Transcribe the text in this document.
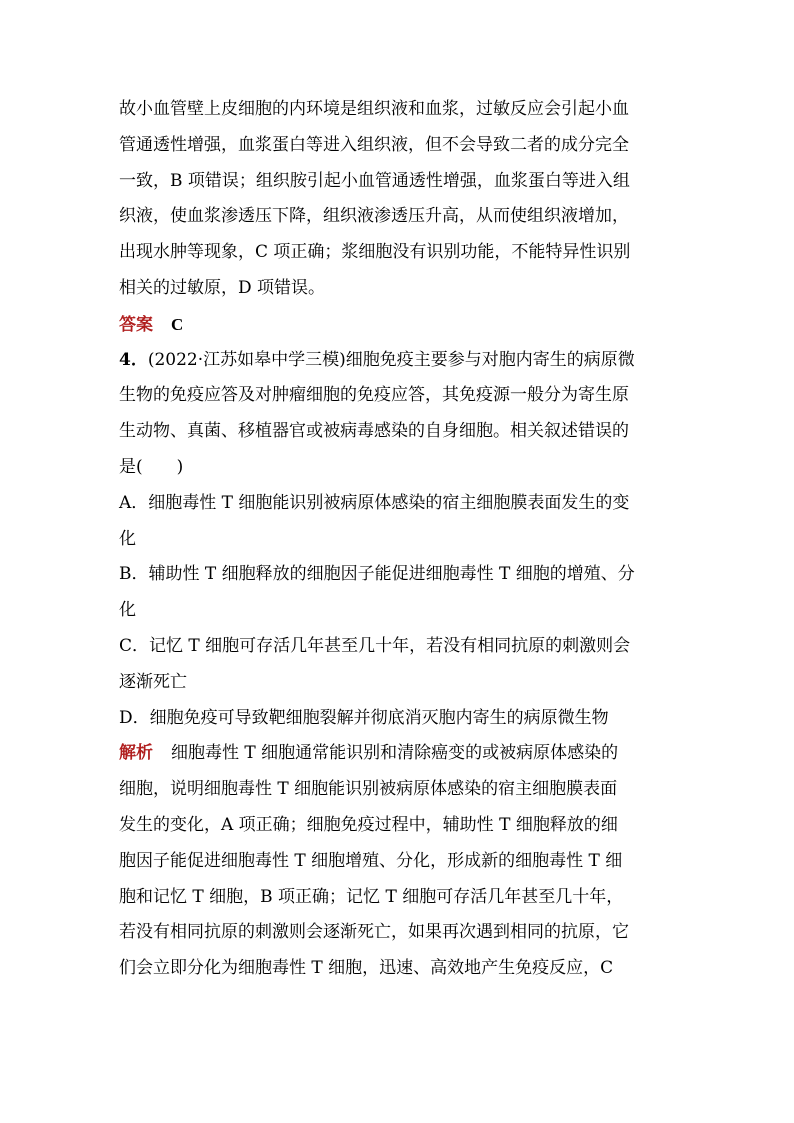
故小血管壁上皮细胞的内环境是组织液和血浆，过敏反应会引起小血
管通透性增强，血浆蛋白等进入组织液，但不会导致二者的成分完全
一致，B 项错误；组织胺引起小血管通透性增强，血浆蛋白等进入组
织液，使血浆渗透压下降，组织液渗透压升高，从而使组织液增加，
出现水肿等现象，C 项正确；浆细胞没有识别功能，不能特异性识别
相关的过敏原，D 项错误。
答案 C
4．(2022·江苏如皋中学三模)细胞免疫主要参与对胞内寄生的病原微
生物的免疫应答及对肿瘤细胞的免疫应答，其免疫源一般分为寄生原
生动物、真菌、移植器官或被病毒感染的自身细胞。相关叙述错误的
是(　　)
A．细胞毒性 T 细胞能识别被病原体感染的宿主细胞膜表面发生的变
化
B．辅助性 T 细胞释放的细胞因子能促进细胞毒性 T 细胞的增殖、分
化
C．记忆 T 细胞可存活几年甚至几十年，若没有相同抗原的刺激则会
逐渐死亡
D．细胞免疫可导致靶细胞裂解并彻底消灭胞内寄生的病原微生物
解析 细胞毒性 T 细胞通常能识别和清除癌变的或被病原体感染的
细胞，说明细胞毒性 T 细胞能识别被病原体感染的宿主细胞膜表面
发生的变化，A 项正确；细胞免疫过程中，辅助性 T 细胞释放的细
胞因子能促进细胞毒性 T 细胞增殖、分化，形成新的细胞毒性 T 细
胞和记忆 T 细胞，B 项正确；记忆 T 细胞可存活几年甚至几十年，
若没有相同抗原的刺激则会逐渐死亡，如果再次遇到相同的抗原，它
们会立即分化为细胞毒性 T 细胞，迅速、高效地产生免疫反应，C
